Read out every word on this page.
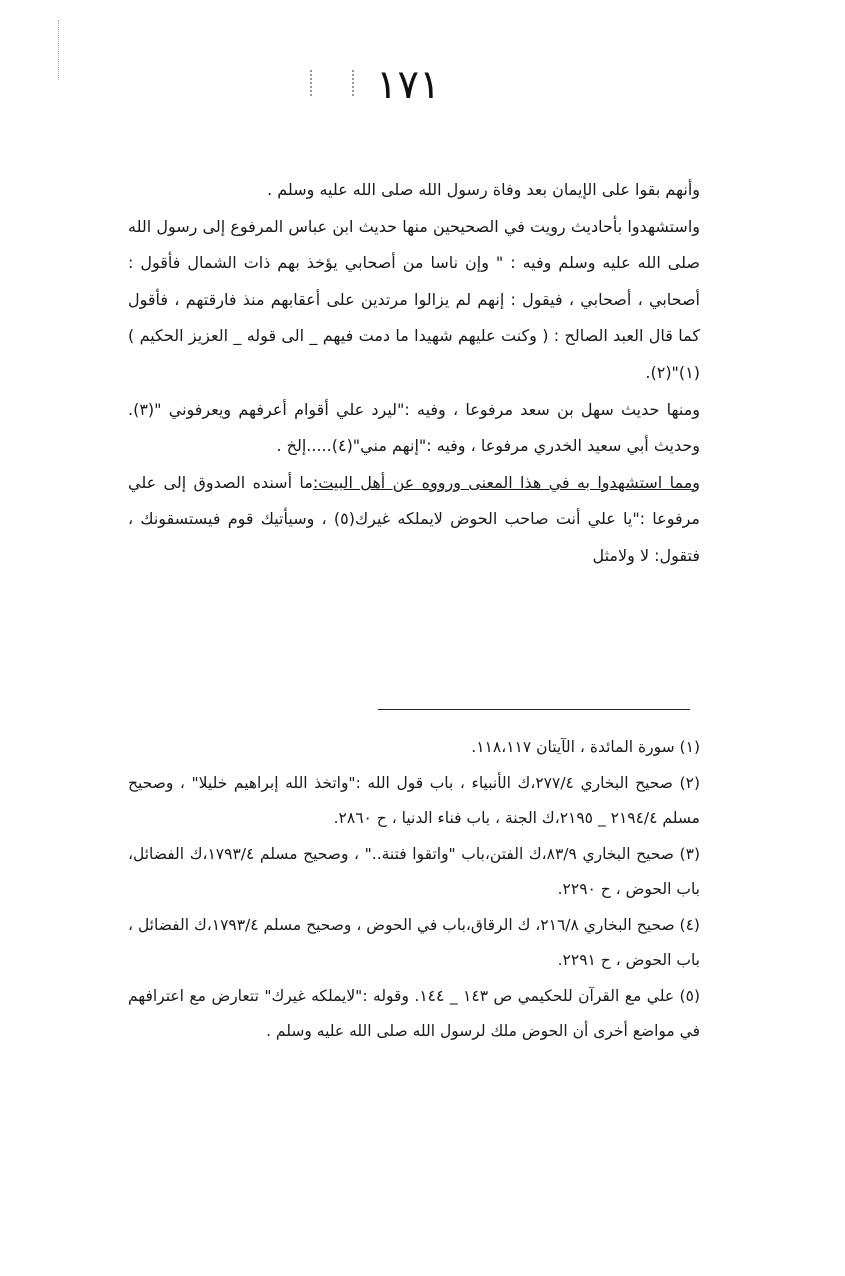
١٧١

وأنهم بقوا على الإيمان بعد وفاة رسول الله صلى الله عليه وسلم .

واستشهدوا بأحاديث رويت في الصحيحين منها حديث ابن عباس المرفوع إلى رسول الله صلى الله عليه وسلم وفيه : " وإن ناسا من أصحابي يؤخذ بهم ذات الشمال فأقول : أصحابي ، أصحابي ، فيقول : إنهم لم يزالوا مرتدين على أعقابهم منذ فارقتهم ، فأقول كما قال العبد الصالح : ( وكنت عليهم شهيدا ما دمت فيهم _ الى قوله _ العزيز الحكيم )(١)"(٢).

ومنها حديث سهل بن سعد مرفوعا ، وفيه :"ليرد علي أقوام أعرفهم ويعرفوني "(٣). وحديث أبي سعيد الخدري مرفوعا ، وفيه :"إنهم مني"(٤).....إلخ .

ومما استشهدوا به في هذا المعنى ورووه عن أهل البيت:ما أسنده الصدوق إلى علي مرفوعا :"يا علي أنت صاحب الحوض لايملكه غيرك(٥) ، وسيأتيك قوم فيستسقونك ، فتقول: لا ولامثل

(١) سورة المائدة ، الآيتان ١١٨،١١٧.

(٢) صحيح البخاري ٢٧٧/٤،ك الأنبياء ، باب قول الله :"واتخذ الله إبراهيم خليلا" ، وصحيح مسلم ٢١٩٤/٤ _ ٢١٩٥،ك الجنة ، باب فناء الدنيا ، ح ٢٨٦٠.

(٣) صحيح البخاري ٨٣/٩،ك الفتن،باب "واتقوا فتنة.." ، وصحيح مسلم ١٧٩٣/٤،ك الفضائل، باب الحوض ، ح ٢٢٩٠.

(٤) صحيح البخاري ٢١٦/٨، ك الرقاق،باب في الحوض ، وصحيح مسلم ١٧٩٣/٤،ك الفضائل ، باب الحوض ، ح ٢٢٩١.

(٥) علي مع القرآن للحكيمي ص ١٤٣ _ ١٤٤. وقوله :"لايملكه غيرك" تتعارض مع اعترافهم في مواضع أخرى أن الحوض ملك لرسول الله صلى الله عليه وسلم .
